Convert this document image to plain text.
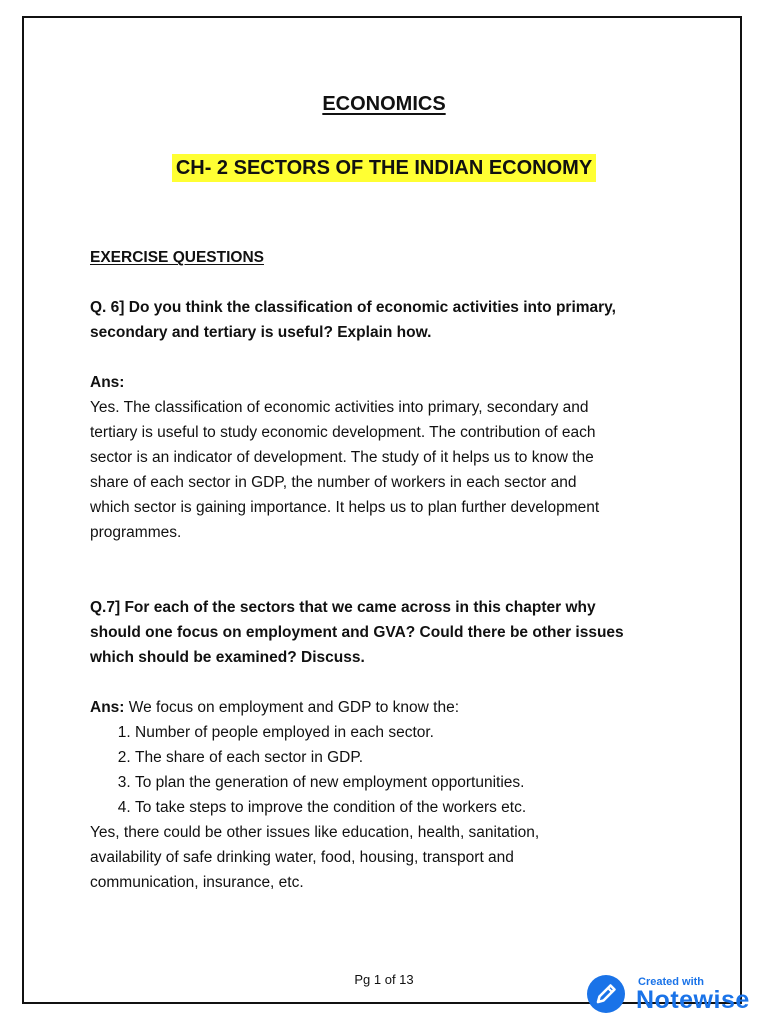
ECONOMICS
CH- 2 SECTORS OF THE INDIAN ECONOMY
EXERCISE QUESTIONS
Q. 6] Do you think the classification of economic activities into primary,
secondary and tertiary is useful? Explain how.
Ans:
Yes. The classification of economic activities into primary, secondary and
tertiary is useful to study economic development. The contribution of each
sector is an indicator of development. The study of it helps us to know the
share of each sector in GDP, the number of workers in each sector and
which sector is gaining importance. It helps us to plan further development
programmes.
Q.7] For each of the sectors that we came across in this chapter why
should one focus on employment and GVA? Could there be other issues
which should be examined? Discuss.
Ans: We focus on employment and GDP to know the:
1. Number of people employed in each sector.
2. The share of each sector in GDP.
3. To plan the generation of new employment opportunities.
4. To take steps to improve the condition of the workers etc.
Yes, there could be other issues like education, health, sanitation,
availability of safe drinking water, food, housing, transport and
communication, insurance, etc.
Pg 1 of 13	Created with
Notewise
